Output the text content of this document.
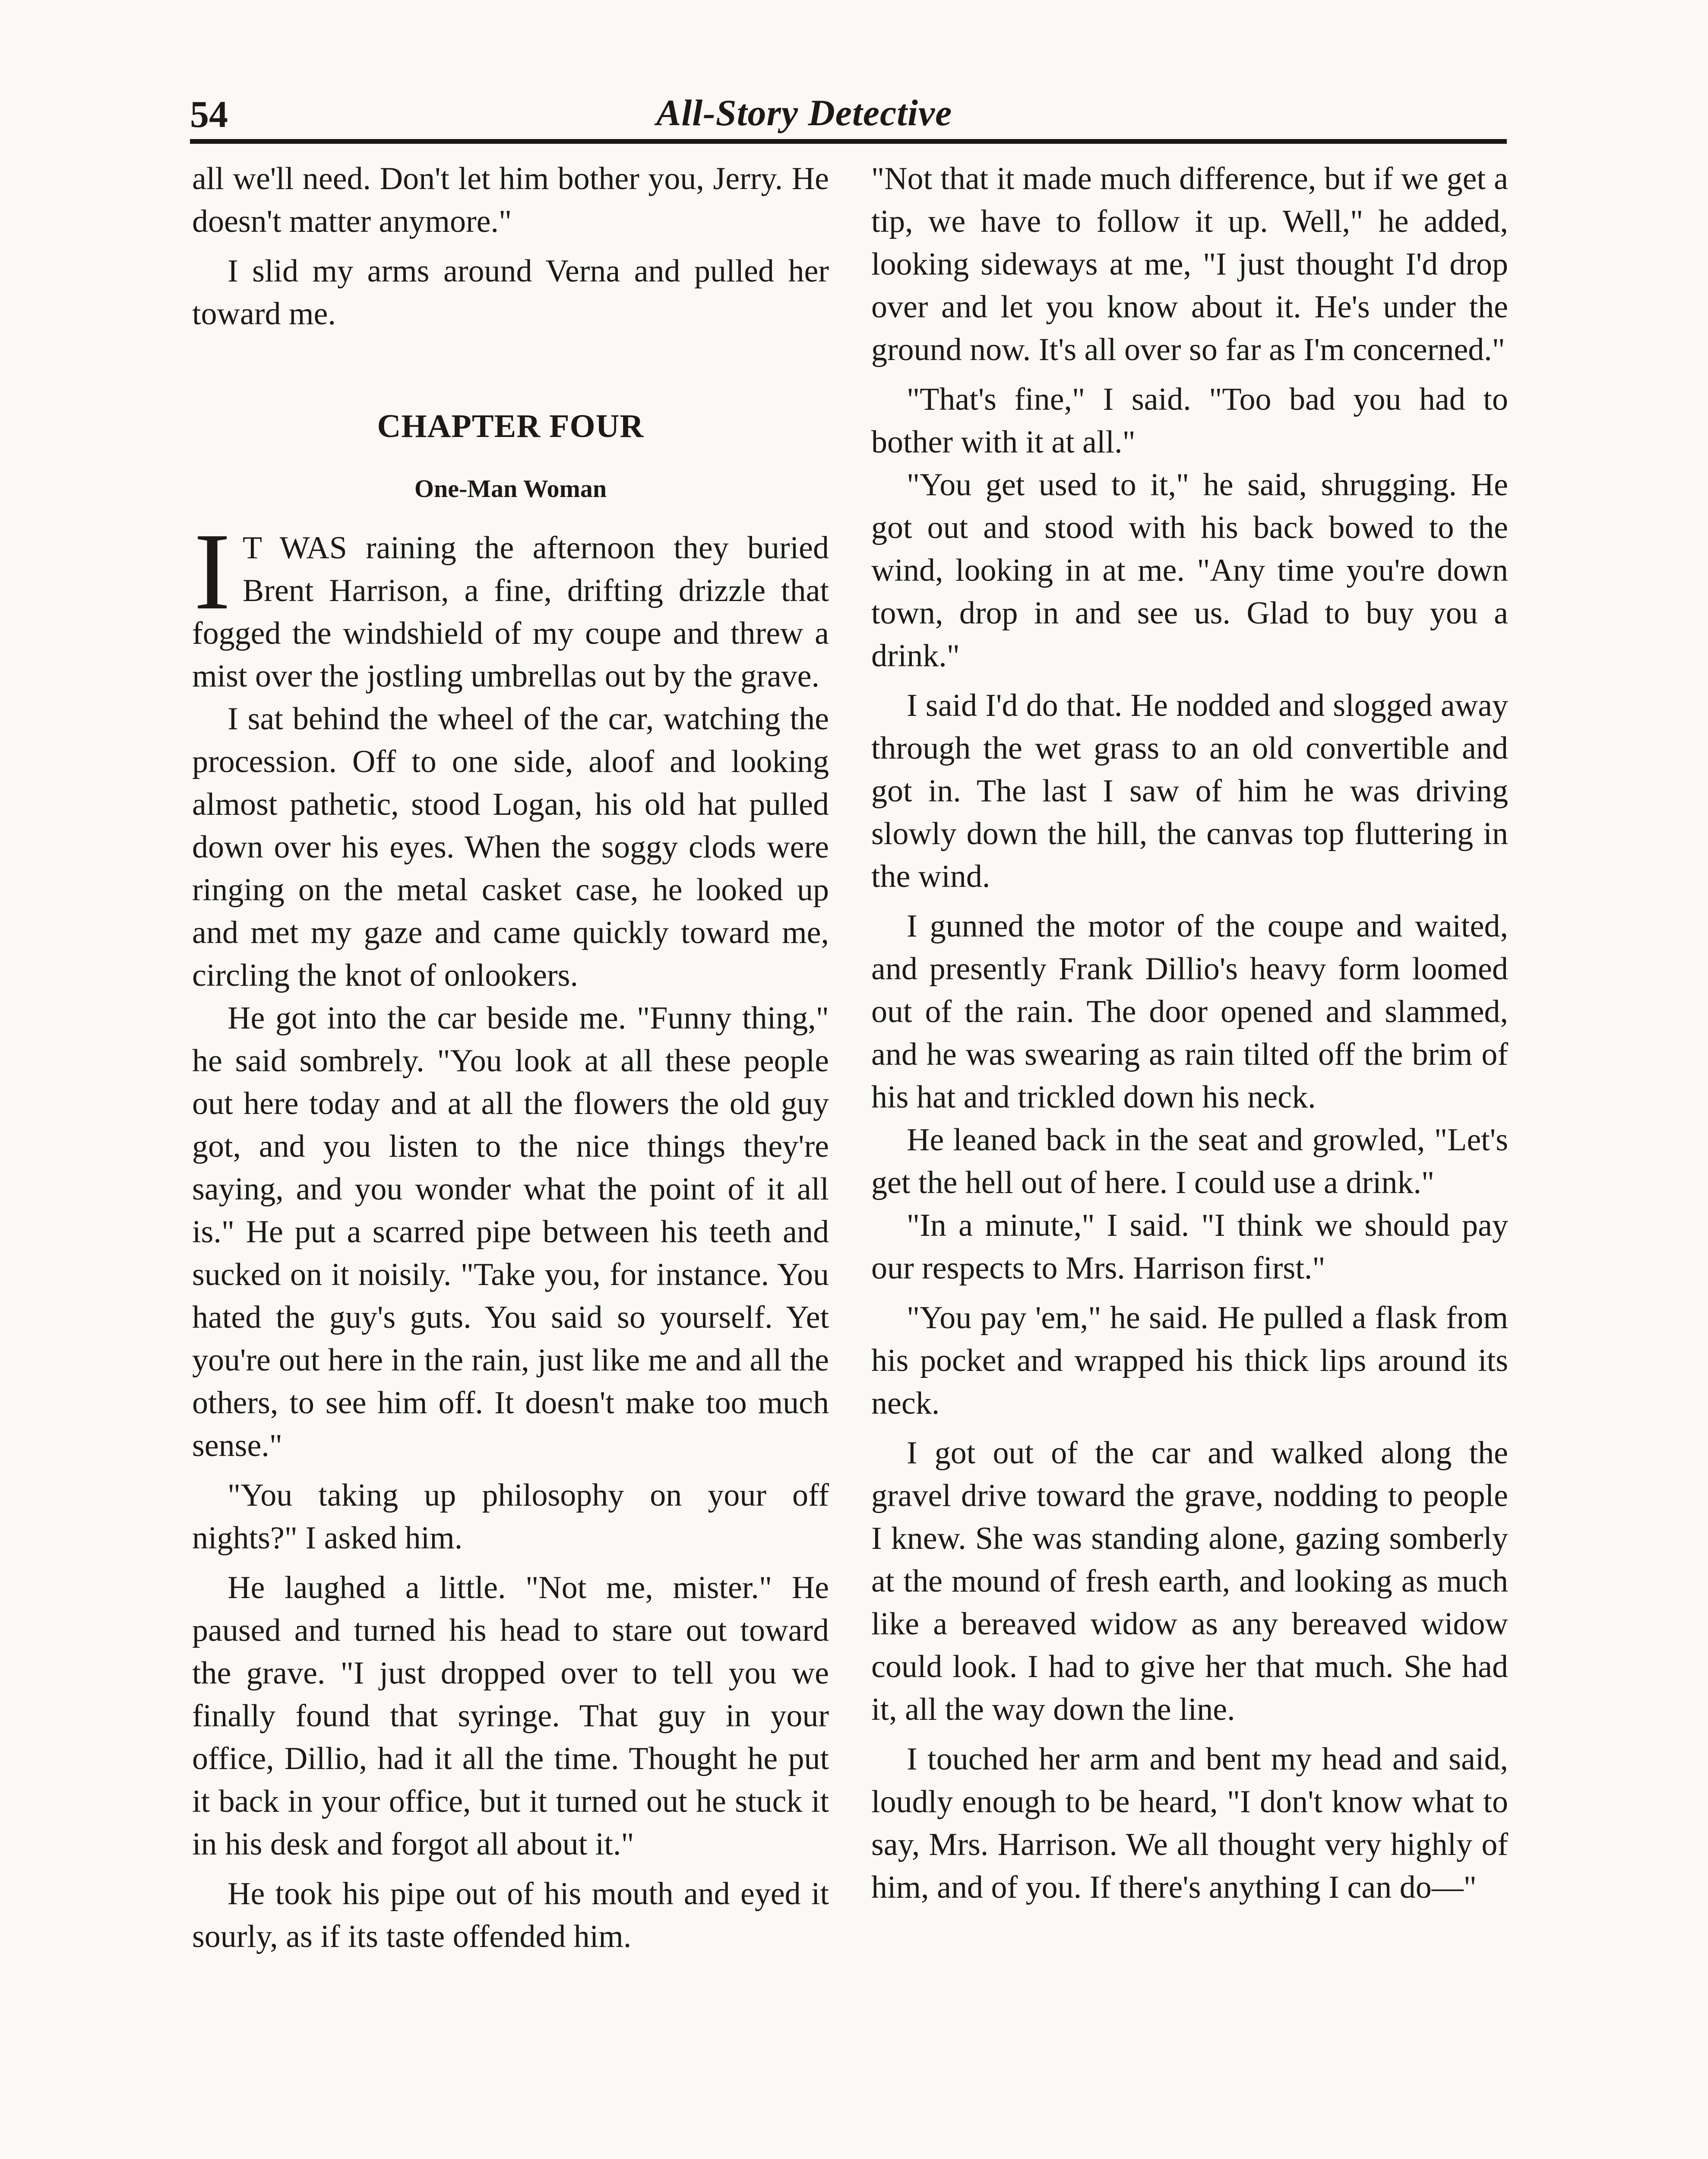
54	All-Story Detective

all we'll need. Don't let him bother you, Jerry. He doesn't matter anymore."

I slid my arms around Verna and pulled her toward me.

CHAPTER FOUR
One-Man Woman

I T WAS raining the afternoon they buried Brent Harrison, a fine, drifting drizzle that fogged the windshield of my coupe and threw a mist over the jostling umbrellas out by the grave.

I sat behind the wheel of the car, watching the procession. Off to one side, aloof and looking almost pathetic, stood Logan, his old hat pulled down over his eyes. When the soggy clods were ringing on the metal casket case, he looked up and met my gaze and came quickly toward me, circling the knot of onlookers.

He got into the car beside me. "Funny thing," he said sombrely. "You look at all these people out here today and at all the flowers the old guy got, and you listen to the nice things they're saying, and you wonder what the point of it all is." He put a scarred pipe between his teeth and sucked on it noisily. "Take you, for instance. You hated the guy's guts. You said so yourself. Yet you're out here in the rain, just like me and all the others, to see him off. It doesn't make too much sense."

"You taking up philosophy on your off nights?" I asked him.

He laughed a little. "Not me, mister." He paused and turned his head to stare out toward the grave. "I just dropped over to tell you we finally found that syringe. That guy in your office, Dillio, had it all the time. Thought he put it back in your office, but it turned out he stuck it in his desk and forgot all about it."

He took his pipe out of his mouth and eyed it sourly, as if its taste offended him.

"Not that it made much difference, but if we get a tip, we have to follow it up. Well," he added, looking sideways at me, "I just thought I'd drop over and let you know about it. He's under the ground now. It's all over so far as I'm concerned."

"That's fine," I said. "Too bad you had to bother with it at all."

"You get used to it," he said, shrugging. He got out and stood with his back bowed to the wind, looking in at me. "Any time you're down town, drop in and see us. Glad to buy you a drink."

I said I'd do that. He nodded and slogged away through the wet grass to an old convertible and got in. The last I saw of him he was driving slowly down the hill, the canvas top fluttering in the wind.

I gunned the motor of the coupe and waited, and presently Frank Dillio's heavy form loomed out of the rain. The door opened and slammed, and he was swearing as rain tilted off the brim of his hat and trickled down his neck.

He leaned back in the seat and growled, "Let's get the hell out of here. I could use a drink."

"In a minute," I said. "I think we should pay our respects to Mrs. Harrison first."

"You pay 'em," he said. He pulled a flask from his pocket and wrapped his thick lips around its neck.

I got out of the car and walked along the gravel drive toward the grave, nodding to people I knew. She was standing alone, gazing somberly at the mound of fresh earth, and looking as much like a bereaved widow as any bereaved widow could look. I had to give her that much. She had it, all the way down the line.

I touched her arm and bent my head and said, loudly enough to be heard, "I don't know what to say, Mrs. Harrison. We all thought very highly of him, and of you. If there's anything I can do—"
